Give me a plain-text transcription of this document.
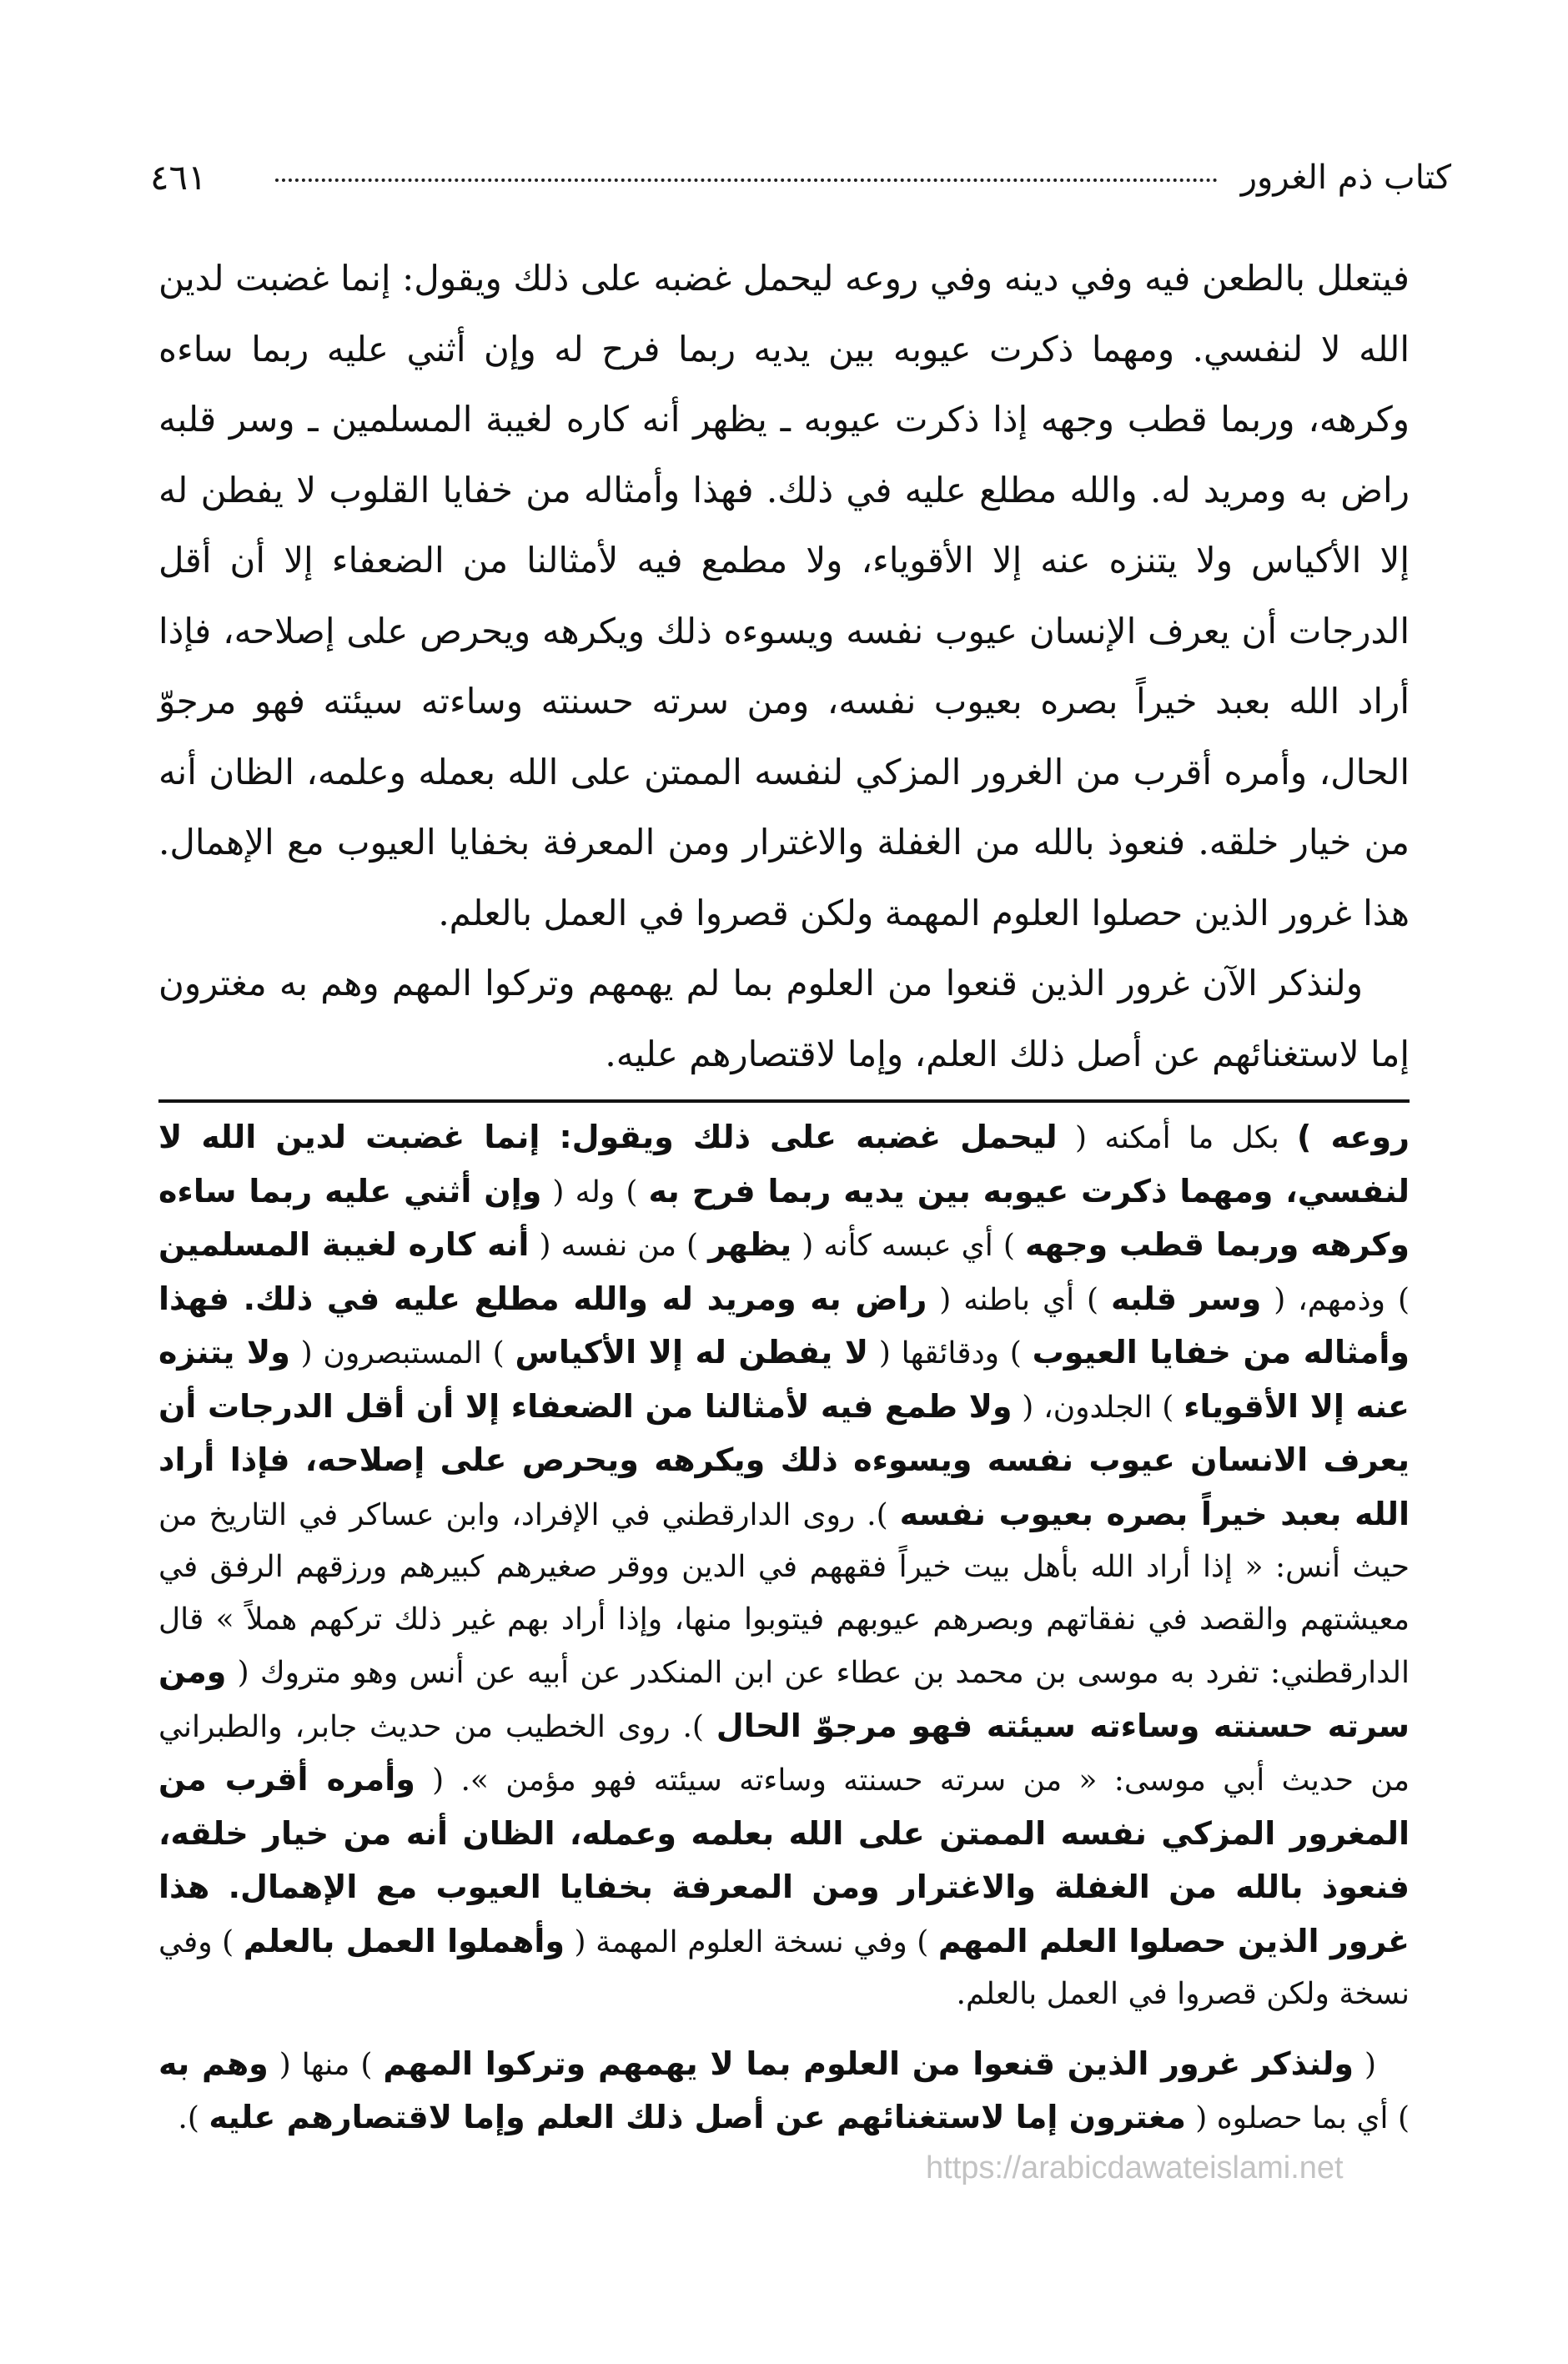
كتاب ذم الغرور
٤٦١

فيتعلل بالطعن فيه وفي دينه وفي روعه ليحمل غضبه على ذلك ويقول: إنما غضبت لدين الله لا لنفسي. ومهما ذكرت عيوبه بين يديه ربما فرح له وإن أثني عليه ربما ساءه وكرهه، وربما قطب وجهه إذا ذكرت عيوبه ـ يظهر أنه كاره لغيبة المسلمين ـ وسر قلبه راض به ومريد له. والله مطلع عليه في ذلك. فهذا وأمثاله من خفايا القلوب لا يفطن له إلا الأكياس ولا يتنزه عنه إلا الأقوياء، ولا مطمع فيه لأمثالنا من الضعفاء إلا أن أقل الدرجات أن يعرف الإنسان عيوب نفسه ويسوءه ذلك ويكرهه ويحرص على إصلاحه، فإذا أراد الله بعبد خيراً بصره بعيوب نفسه، ومن سرته حسنته وساءته سيئته فهو مرجوّ الحال، وأمره أقرب من الغرور المزكي لنفسه الممتن على الله بعمله وعلمه، الظان أنه من خيار خلقه. فنعوذ بالله من الغفلة والاغترار ومن المعرفة بخفايا العيوب مع الإهمال. هذا غرور الذين حصلوا العلوم المهمة ولكن قصروا في العمل بالعلم.

ولنذكر الآن غرور الذين قنعوا من العلوم بما لم يهمهم وتركوا المهم وهم به مغترون إما لاستغنائهم عن أصل ذلك العلم، وإما لاقتصارهم عليه.

روعه ) بكل ما أمكنه ( ليحمل غضبه على ذلك ويقول: إنما غضبت لدين الله لا لنفسي، ومهما ذكرت عيوبه بين يديه ربما فرح به ) وله ( وإن أثني عليه ربما ساءه وكرهه وربما قطب وجهه ) أي عبسه كأنه ( يظهر ) من نفسه ( أنه كاره لغيبة المسلمين ) وذمهم، ( وسر قلبه ) أي باطنه ( راض به ومريد له والله مطلع عليه في ذلك. فهذا وأمثاله من خفايا العيوب ) ودقائقها ( لا يفطن له إلا الأكياس ) المستبصرون ( ولا يتنزه عنه إلا الأقوياء ) الجلدون، ( ولا طمع فيه لأمثالنا من الضعفاء إلا أن أقل الدرجات أن يعرف الانسان عيوب نفسه ويسوءه ذلك ويكرهه ويحرص على إصلاحه، فإذا أراد الله بعبد خيراً بصره بعيوب نفسه ). روى الدارقطني في الإفراد، وابن عساكر في التاريخ من حيث أنس: « إذا أراد الله بأهل بيت خيراً فقههم في الدين ووقر صغيرهم كبيرهم ورزقهم الرفق في معيشتهم والقصد في نفقاتهم وبصرهم عيوبهم فيتوبوا منها، وإذا أراد بهم غير ذلك تركهم هملاً » قال الدارقطني: تفرد به موسى بن محمد بن عطاء عن ابن المنكدر عن أبيه عن أنس وهو متروك ( ومن سرته حسنته وساءته سيئته فهو مرجوّ الحال ). روى الخطيب من حديث جابر، والطبراني من حديث أبي موسى: « من سرته حسنته وساءته سيئته فهو مؤمن ». ( وأمره أقرب من المغرور المزكي نفسه الممتن على الله بعلمه وعمله، الظان أنه من خيار خلقه، فنعوذ بالله من الغفلة والاغترار ومن المعرفة بخفايا العيوب مع الإهمال. هذا غرور الذين حصلوا العلم المهم ) وفي نسخة العلوم المهمة ( وأهملوا العمل بالعلم ) وفي نسخة ولكن قصروا في العمل بالعلم.

( ولنذكر غرور الذين قنعوا من العلوم بما لا يهمهم وتركوا المهم ) منها ( وهم به ) أي بما حصلوه ( مغترون إما لاستغنائهم عن أصل ذلك العلم وإما لاقتصارهم عليه ).

https://arabicdawateislami.net
